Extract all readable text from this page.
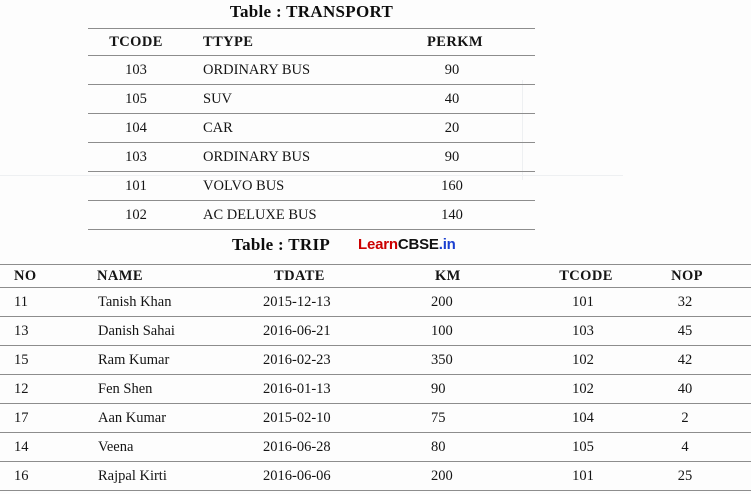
Table : TRANSPORT
TCODE	TTYPE	PERKM
103	ORDINARY BUS	90
105	SUV	40
104	CAR	20
103	ORDINARY BUS	90
101	VOLVO BUS	160
102	AC DELUXE BUS	140
Table : TRIP LearnCBSE.in
NO	NAME	TDATE	KM	TCODE	NOP
11	Tanish Khan	2015-12-13	200	101	32
13	Danish Sahai	2016-06-21	100	103	45
15	Ram Kumar	2016-02-23	350	102	42
12	Fen Shen	2016-01-13	90	102	40
17	Aan Kumar	2015-02-10	75	104	2
14	Veena	2016-06-28	80	105	4
16	Rajpal Kirti	2016-06-06	200	101	25
